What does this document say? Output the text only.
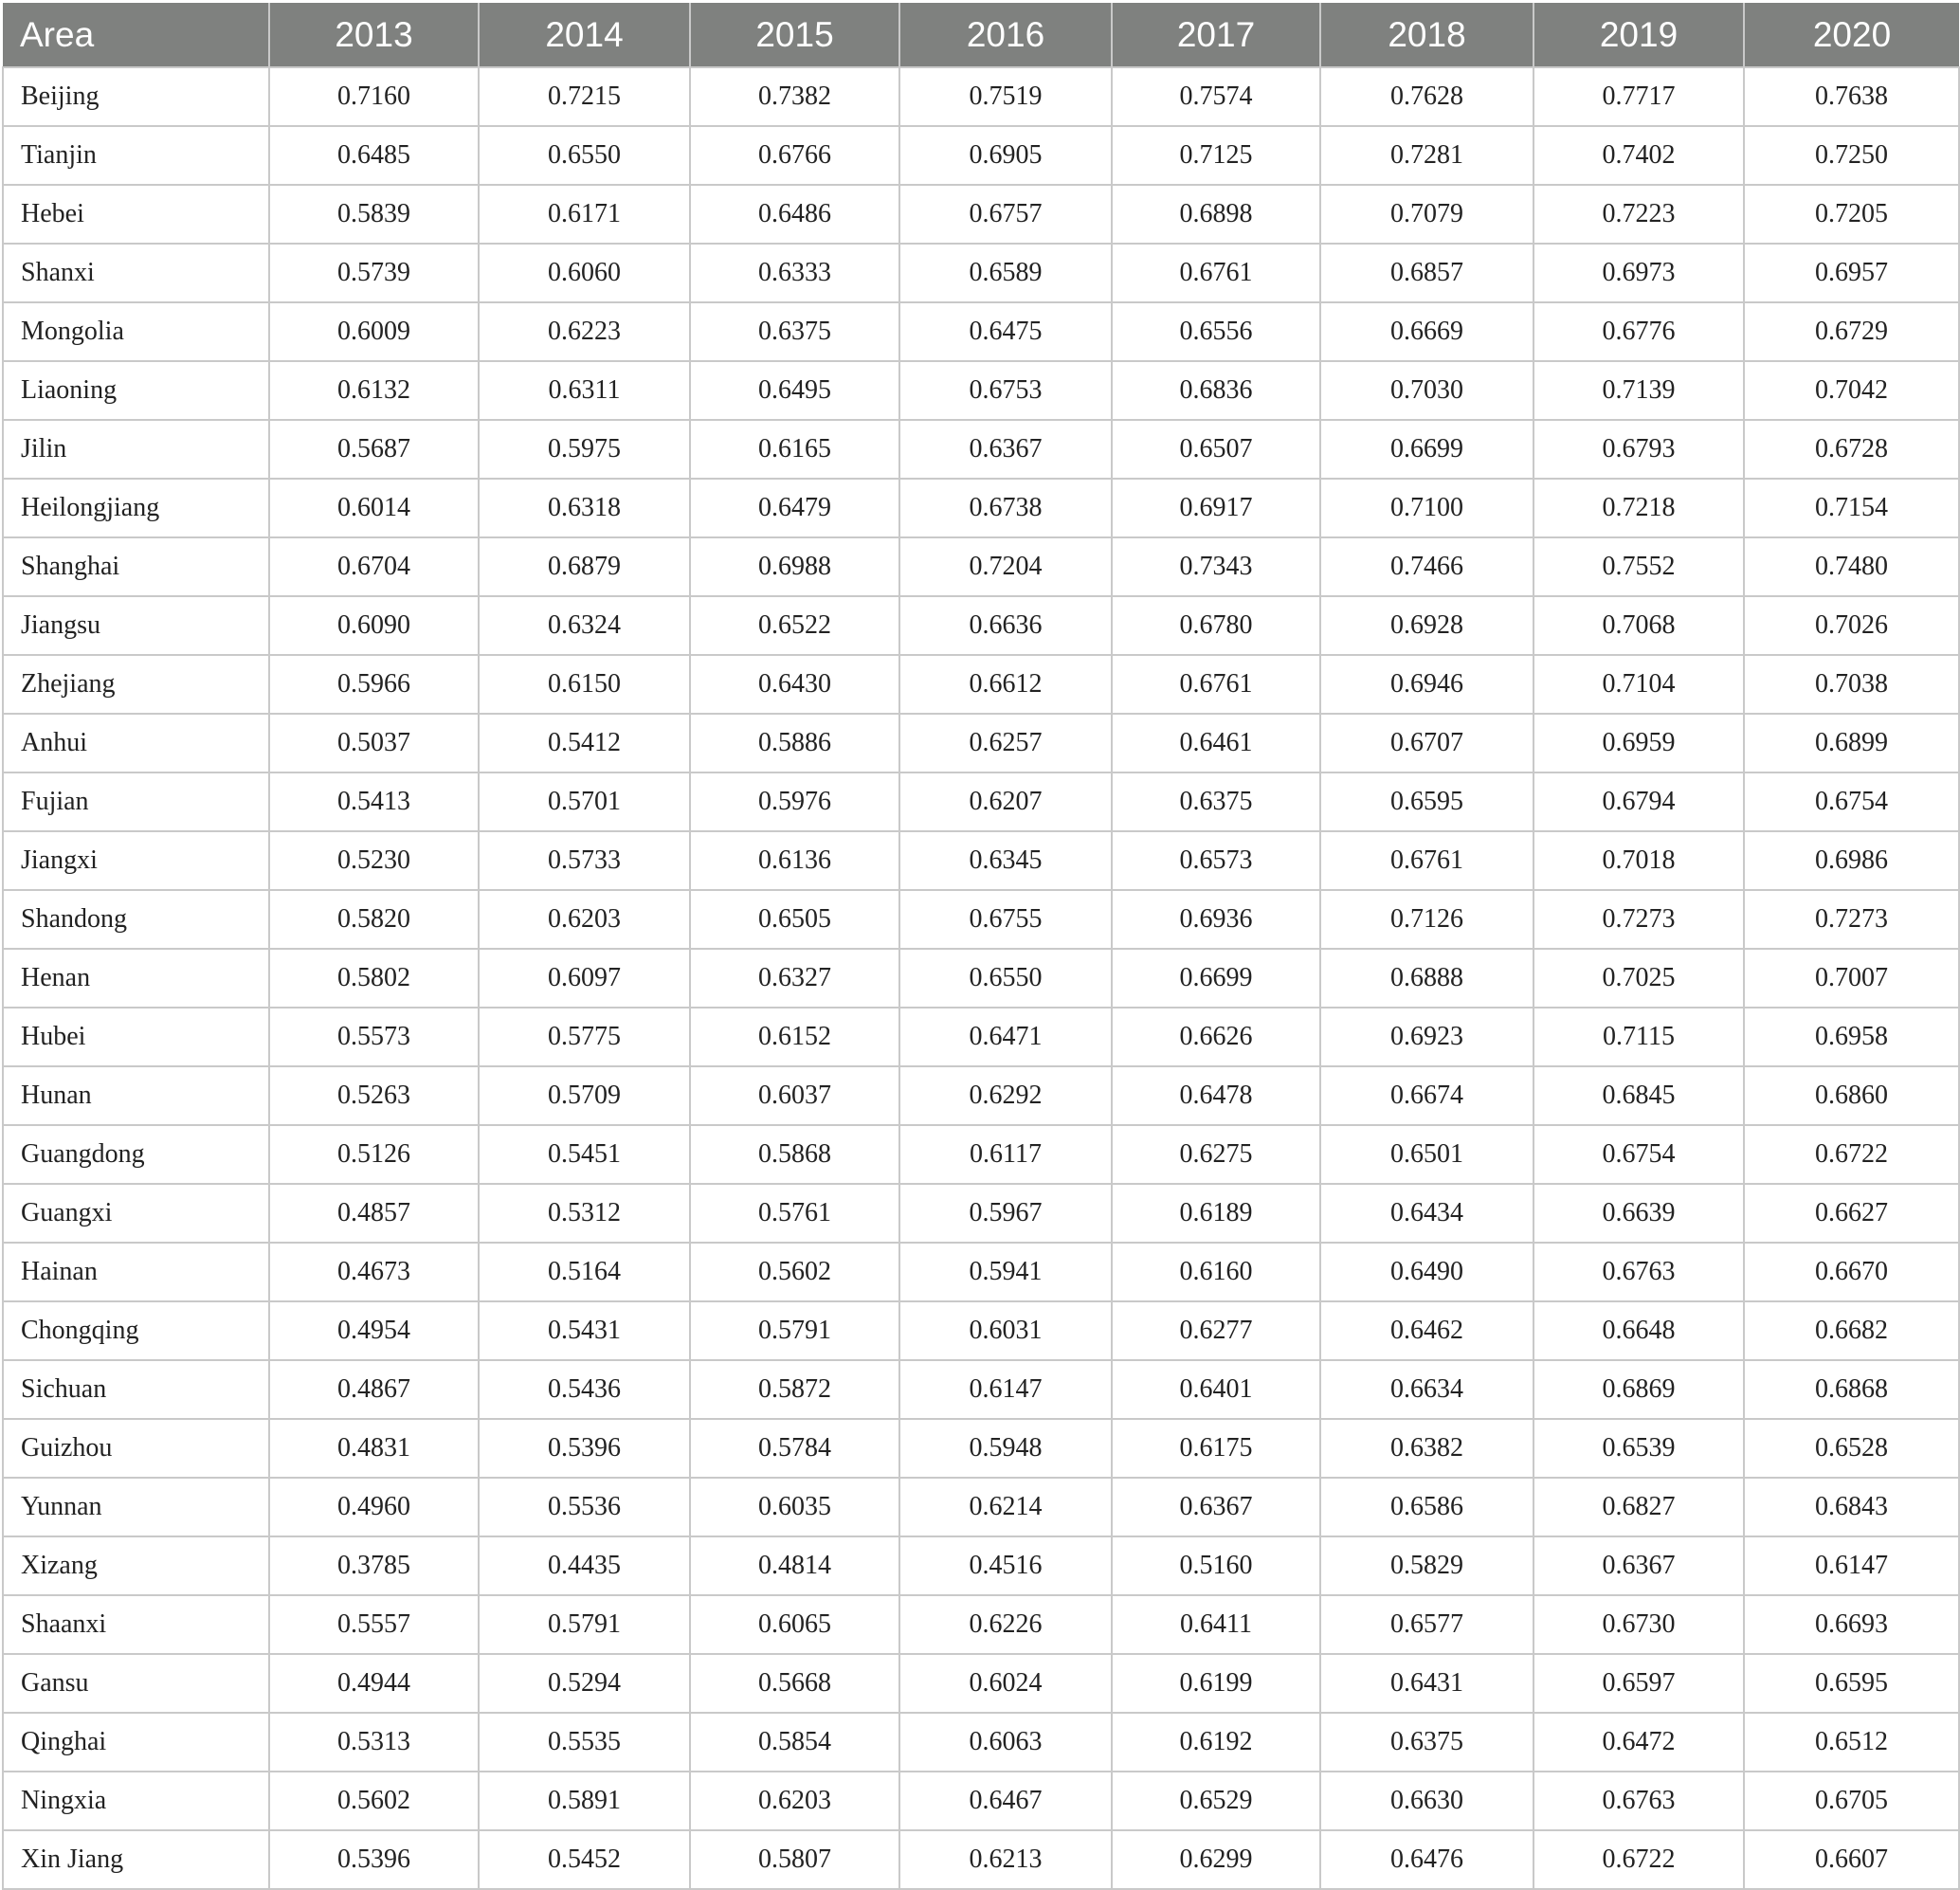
Area	2013	2014	2015	2016	2017	2018	2019	2020
Beijing	0.7160	0.7215	0.7382	0.7519	0.7574	0.7628	0.7717	0.7638
Tianjin	0.6485	0.6550	0.6766	0.6905	0.7125	0.7281	0.7402	0.7250
Hebei	0.5839	0.6171	0.6486	0.6757	0.6898	0.7079	0.7223	0.7205
Shanxi	0.5739	0.6060	0.6333	0.6589	0.6761	0.6857	0.6973	0.6957
Mongolia	0.6009	0.6223	0.6375	0.6475	0.6556	0.6669	0.6776	0.6729
Liaoning	0.6132	0.6311	0.6495	0.6753	0.6836	0.7030	0.7139	0.7042
Jilin	0.5687	0.5975	0.6165	0.6367	0.6507	0.6699	0.6793	0.6728
Heilongjiang	0.6014	0.6318	0.6479	0.6738	0.6917	0.7100	0.7218	0.7154
Shanghai	0.6704	0.6879	0.6988	0.7204	0.7343	0.7466	0.7552	0.7480
Jiangsu	0.6090	0.6324	0.6522	0.6636	0.6780	0.6928	0.7068	0.7026
Zhejiang	0.5966	0.6150	0.6430	0.6612	0.6761	0.6946	0.7104	0.7038
Anhui	0.5037	0.5412	0.5886	0.6257	0.6461	0.6707	0.6959	0.6899
Fujian	0.5413	0.5701	0.5976	0.6207	0.6375	0.6595	0.6794	0.6754
Jiangxi	0.5230	0.5733	0.6136	0.6345	0.6573	0.6761	0.7018	0.6986
Shandong	0.5820	0.6203	0.6505	0.6755	0.6936	0.7126	0.7273	0.7273
Henan	0.5802	0.6097	0.6327	0.6550	0.6699	0.6888	0.7025	0.7007
Hubei	0.5573	0.5775	0.6152	0.6471	0.6626	0.6923	0.7115	0.6958
Hunan	0.5263	0.5709	0.6037	0.6292	0.6478	0.6674	0.6845	0.6860
Guangdong	0.5126	0.5451	0.5868	0.6117	0.6275	0.6501	0.6754	0.6722
Guangxi	0.4857	0.5312	0.5761	0.5967	0.6189	0.6434	0.6639	0.6627
Hainan	0.4673	0.5164	0.5602	0.5941	0.6160	0.6490	0.6763	0.6670
Chongqing	0.4954	0.5431	0.5791	0.6031	0.6277	0.6462	0.6648	0.6682
Sichuan	0.4867	0.5436	0.5872	0.6147	0.6401	0.6634	0.6869	0.6868
Guizhou	0.4831	0.5396	0.5784	0.5948	0.6175	0.6382	0.6539	0.6528
Yunnan	0.4960	0.5536	0.6035	0.6214	0.6367	0.6586	0.6827	0.6843
Xizang	0.3785	0.4435	0.4814	0.4516	0.5160	0.5829	0.6367	0.6147
Shaanxi	0.5557	0.5791	0.6065	0.6226	0.6411	0.6577	0.6730	0.6693
Gansu	0.4944	0.5294	0.5668	0.6024	0.6199	0.6431	0.6597	0.6595
Qinghai	0.5313	0.5535	0.5854	0.6063	0.6192	0.6375	0.6472	0.6512
Ningxia	0.5602	0.5891	0.6203	0.6467	0.6529	0.6630	0.6763	0.6705
Xin Jiang	0.5396	0.5452	0.5807	0.6213	0.6299	0.6476	0.6722	0.6607
